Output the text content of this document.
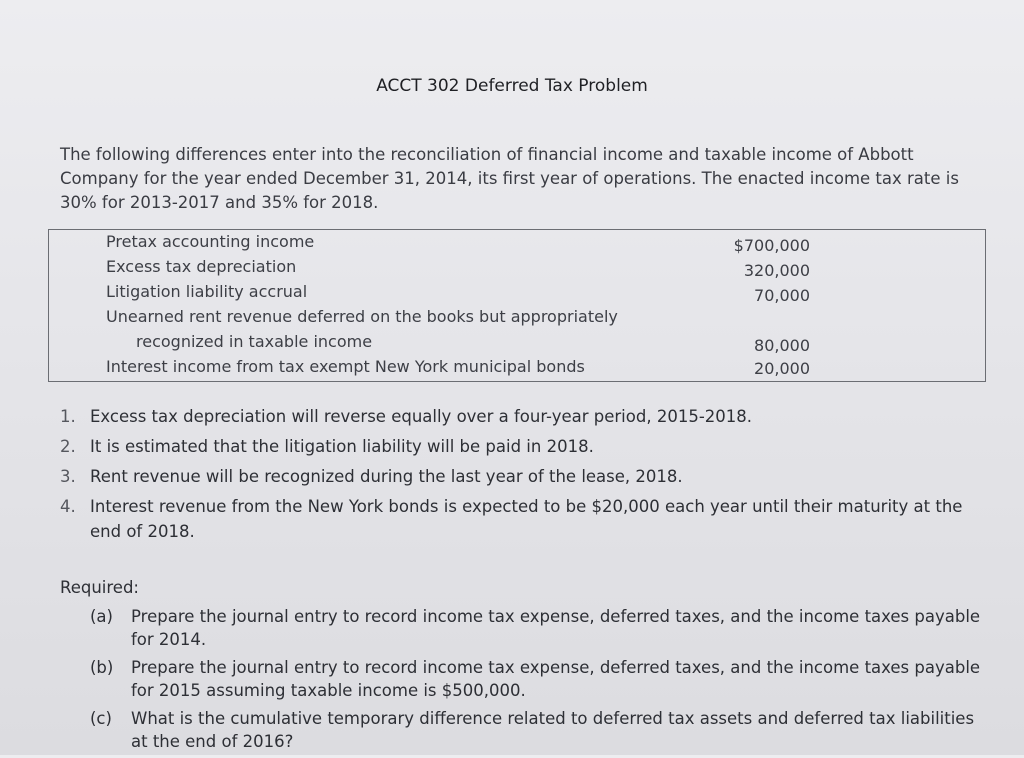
ACCT 302 Deferred Tax Problem

The following differences enter into the reconciliation of financial income and taxable income of Abbott

Company for the year ended December 31, 2014, its first year of operations. The enacted income tax rate is

30% for 2013-2017 and 35% for 2018.

Pretax accounting income	$700,000
Excess tax depreciation	320,000
Litigation liability accrual	70,000
Unearned rent revenue deferred on the books but appropriately
recognized in taxable income	80,000
Interest income from tax exempt New York municipal bonds	20,000
1. Excess tax depreciation will reverse equally over a four-year period, 2015-2018.
2. It is estimated that the litigation liability will be paid in 2018.
3. Rent revenue will be recognized during the last year of the lease, 2018.
4. Interest revenue from the New York bonds is expected to be $20,000 each year until their maturity at the end of 2018.
Required:
(a) Prepare the journal entry to record income tax expense, deferred taxes, and the income taxes payable for 2014.
(b) Prepare the journal entry to record income tax expense, deferred taxes, and the income taxes payable for 2015 assuming taxable income is $500,000.
(c) What is the cumulative temporary difference related to deferred tax assets and deferred tax liabilities at the end of 2016?
